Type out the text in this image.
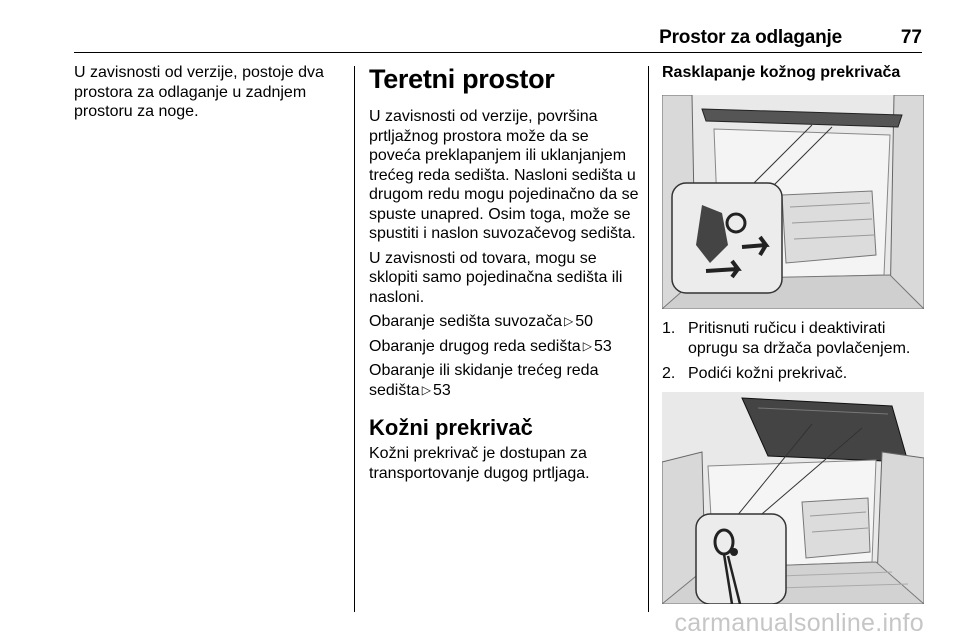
Prostor za odlaganje	77

U zavisnosti od verzije, postoje dva prostora za odlaganje u zadnjem prostoru za noge.

Teretni prostor

U zavisnosti od verzije, površina prtljažnog prostora može da se poveća preklapanjem ili uklanjanjem trećeg reda sedišta. Nasloni sedišta u drugom redu mogu pojedinačno da se spuste unapred. Osim toga, može se spustiti i naslon suvozačevog sedišta.

U zavisnosti od tovara, mogu se sklopiti samo pojedinačna sedišta ili nasloni.

Obaranje sedišta suvozača ▷ 50

Obaranje drugog reda sedišta ▷ 53

Obaranje ili skidanje trećeg reda sedišta ▷ 53

Kožni prekrivač

Kožni prekrivač je dostupan za transportovanje dugog prtljaga.

Rasklapanje kožnog prekrivača
1. Pritisnuti ručicu i deaktivirati oprugu sa držača povlačenjem.
2. Podići kožni prekrivač.
carmanualsonline.info
